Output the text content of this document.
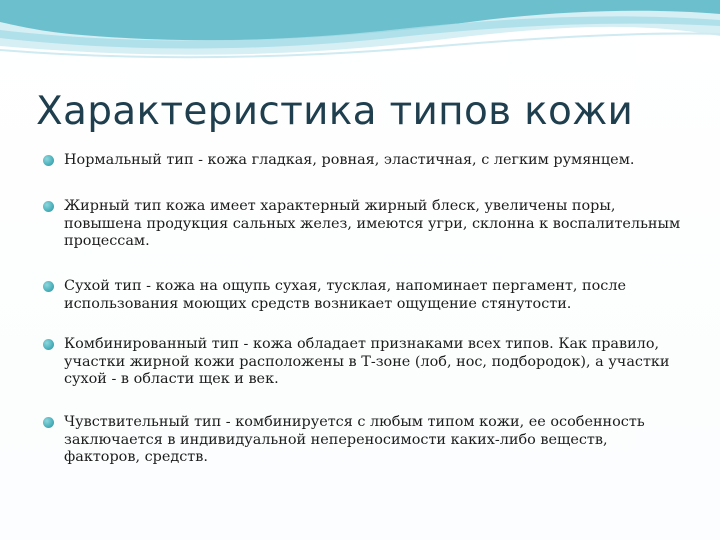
Характеристика типов кожи
Нормальный тип - кожа гладкая, ровная, эластичная, с легким румянцем.
Жирный тип кожа имеет характерный жирный блеск, увеличены поры, повышена продукция сальных желез, имеются угри, склонна к воспалительным процессам.
Сухой тип - кожа на ощупь сухая, тусклая, напоминает пергамент, после использования моющих средств возникает ощущение стянутости.
Комбинированный тип - кожа обладает признаками всех типов. Как правило, участки жирной кожи расположены в Т-зоне (лоб, нос, подбородок), а участки сухой - в области щек и век.
Чувствительный тип - комбинируется с любым типом кожи, ее особенность заключается в индивидуальной непереносимости каких-либо веществ, факторов, средств.
